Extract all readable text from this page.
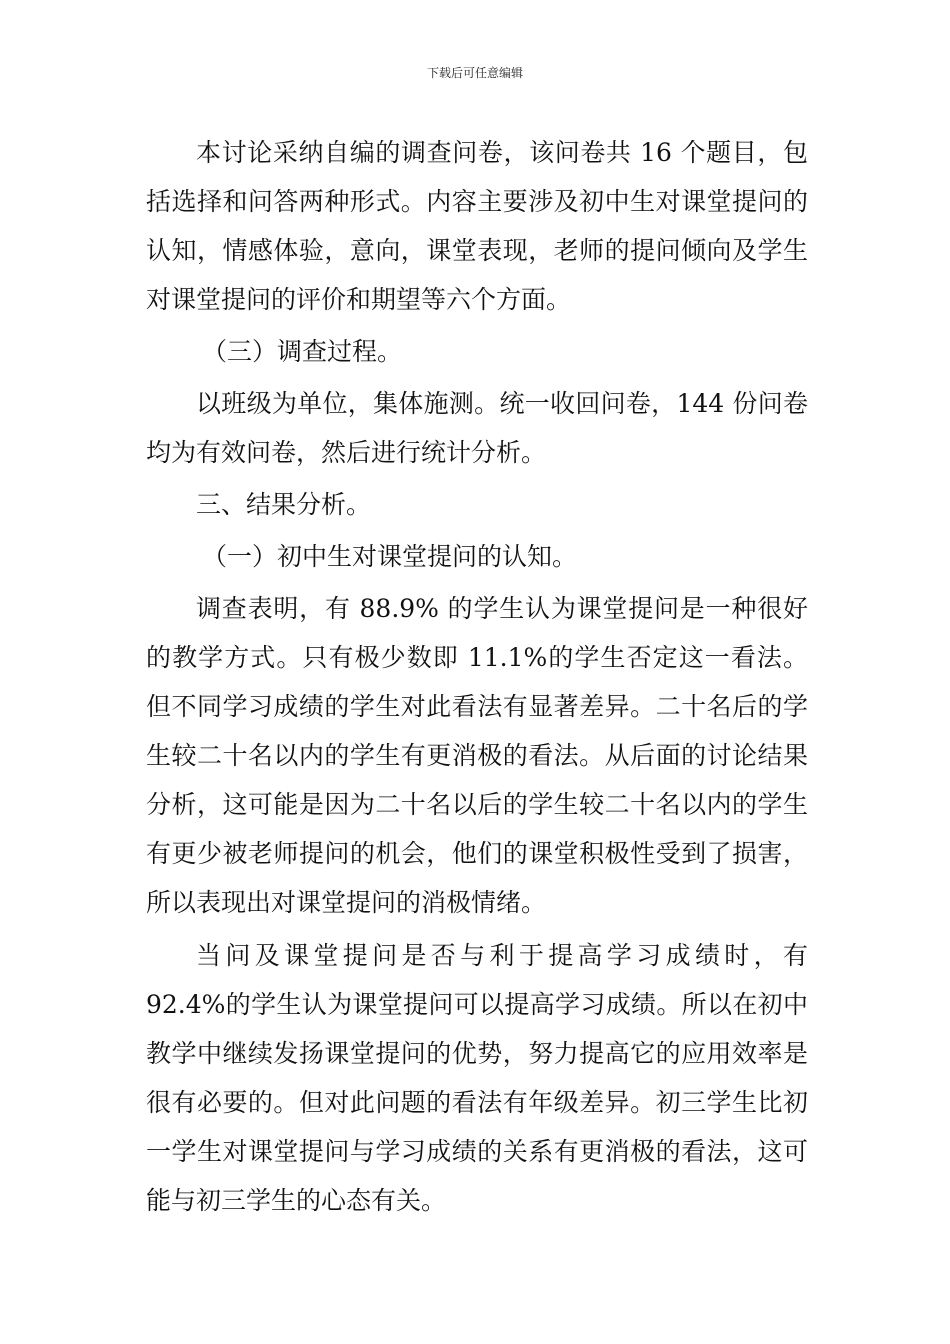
下载后可任意编辑

本讨论采纳自编的调查问卷，该问卷共 16 个题目，包括选择和问答两种形式。内容主要涉及初中生对课堂提问的认知，情感体验，意向，课堂表现，老师的提问倾向及学生对课堂提问的评价和期望等六个方面。

（三）调查过程。

以班级为单位，集体施测。统一收回问卷，144 份问卷均为有效问卷，然后进行统计分析。

三、结果分析。

（一）初中生对课堂提问的认知。

调查表明，有 88.9% 的学生认为课堂提问是一种很好的教学方式。只有极少数即 11.1%的学生否定这一看法。但不同学习成绩的学生对此看法有显著差异。二十名后的学生较二十名以内的学生有更消极的看法。从后面的讨论结果分析，这可能是因为二十名以后的学生较二十名以内的学生有更少被老师提问的机会，他们的课堂积极性受到了损害，所以表现出对课堂提问的消极情绪。

当问及课堂提问是否与利于提高学习成绩时，有 92.4%的学生认为课堂提问可以提高学习成绩。所以在初中教学中继续发扬课堂提问的优势，努力提高它的应用效率是很有必要的。但对此问题的看法有年级差异。初三学生比初一学生对课堂提问与学习成绩的关系有更消极的看法，这可能与初三学生的心态有关。
